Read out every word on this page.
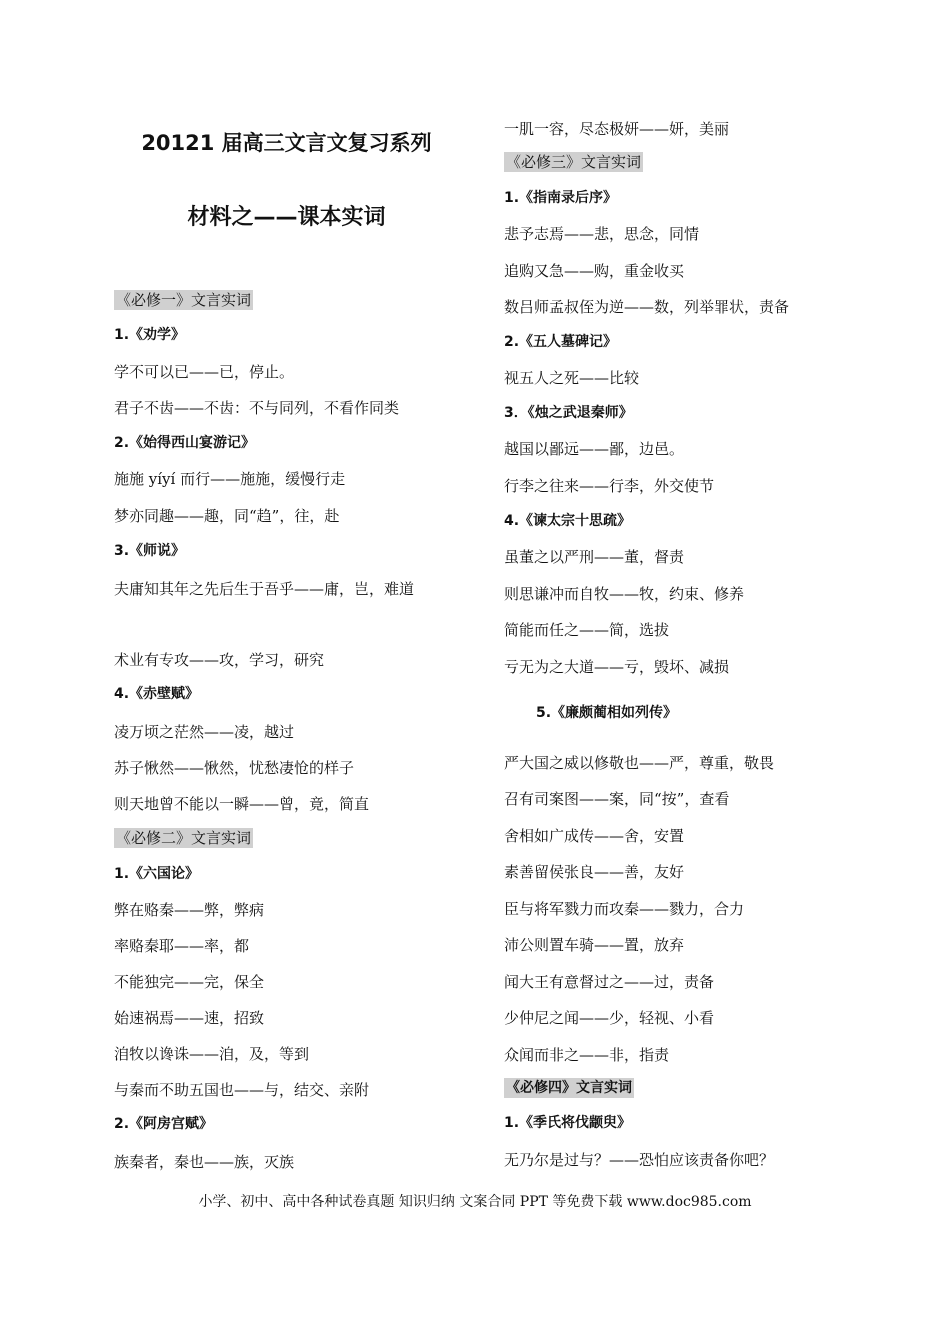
20121 届高三文言文复习系列
材料之——课本实词
《必修一》文言实词
1.《劝学》
学不可以已——已，停止。
君子不齿——不齿：不与同列，不看作同类
2.《始得西山宴游记》
施施 yíyí 而行——施施，缓慢行走
梦亦同趣——趣，同“趋”，往，赴
3.《师说》
夫庸知其年之先后生于吾乎——庸，岂，难道
术业有专攻——攻，学习，研究
4.《赤壁赋》
凌万顷之茫然——凌，越过
苏子愀然——愀然，忧愁凄怆的样子
则天地曾不能以一瞬——曾，竟，简直
《必修二》文言实词
1.《六国论》
弊在赂秦——弊，弊病
率赂秦耶——率，都
不能独完——完，保全
始速祸焉——速，招致
洎牧以谗诛——洎，及，等到
与秦而不助五国也——与，结交、亲附
2.《阿房宫赋》
族秦者，秦也——族，灭族
一肌一容，尽态极妍——妍，美丽
《必修三》文言实词
1.《指南录后序》
悲予志焉——悲，思念，同情
追购又急——购，重金收买
数吕师孟叔侄为逆——数，列举罪状，责备
2.《五人墓碑记》
视五人之死——比较
3．《烛之武退秦师》
越国以鄙远——鄙，边邑。
行李之往来——行李，外交使节
4.《谏太宗十思疏》
虽董之以严刑——董，督责
则思谦冲而自牧——牧，约束、修养
简能而任之——简，选拔
亏无为之大道——亏，毁坏、减损
5.《廉颇蔺相如列传》
严大国之威以修敬也——严，尊重，敬畏
召有司案图——案，同“按”，查看
舍相如广成传——舍，安置
素善留侯张良——善，友好
臣与将军戮力而攻秦——戮力，合力
沛公则置车骑——置，放弃
闻大王有意督过之——过，责备
少仲尼之闻——少，轻视、小看
众闻而非之——非，指责
《必修四》文言实词
1.《季氏将伐颛臾》
无乃尔是过与？——恐怕应该责备你吧？
小学、初中、高中各种试卷真题 知识归纳 文案合同 PPT 等免费下载 www.doc985.com
